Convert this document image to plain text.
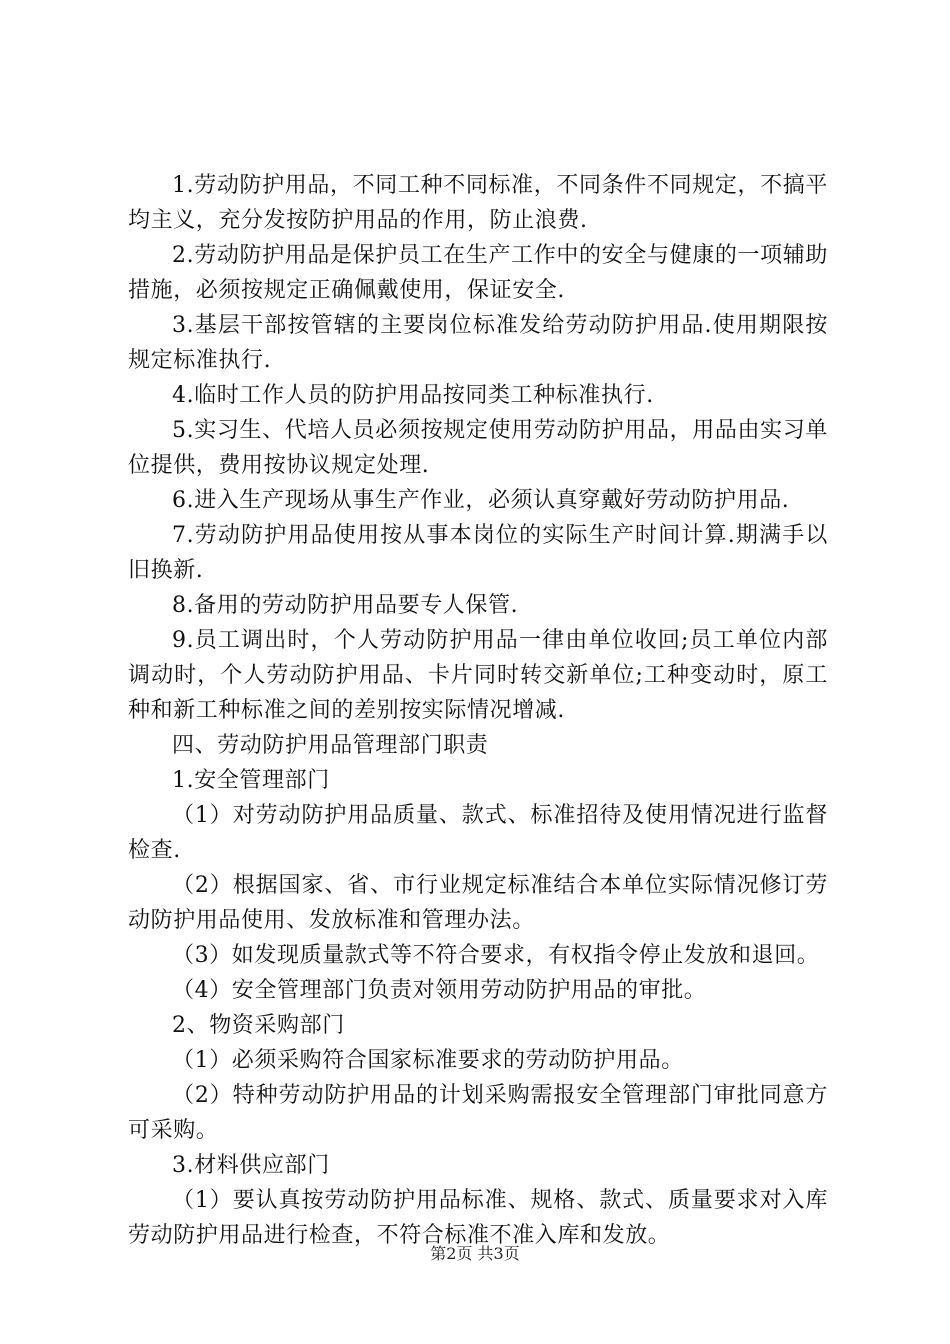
1.劳动防护用品，不同工种不同标准，不同条件不同规定，不搞平均主义，充分发按防护用品的作用，防止浪费.

2.劳动防护用品是保护员工在生产工作中的安全与健康的一项辅助措施，必须按规定正确佩戴使用，保证安全.

3.基层干部按管辖的主要岗位标准发给劳动防护用品.使用期限按规定标准执行.

4.临时工作人员的防护用品按同类工种标准执行.

5.实习生、代培人员必须按规定使用劳动防护用品，用品由实习单位提供，费用按协议规定处理.

6.进入生产现场从事生产作业，必须认真穿戴好劳动防护用品.

7.劳动防护用品使用按从事本岗位的实际生产时间计算.期满手以旧换新.

8.备用的劳动防护用品要专人保管.

9.员工调出时，个人劳动防护用品一律由单位收回;员工单位内部调动时，个人劳动防护用品、卡片同时转交新单位;工种变动时，原工种和新工种标准之间的差别按实际情况增减.

四、劳动防护用品管理部门职责

1.安全管理部门

（1）对劳动防护用品质量、款式、标准招待及使用情况进行监督检查.

（2）根据国家、省、市行业规定标准结合本单位实际情况修订劳动防护用品使用、发放标准和管理办法。

（3）如发现质量款式等不符合要求，有权指令停止发放和退回。

（4）安全管理部门负责对领用劳动防护用品的审批。

2、物资采购部门

（1）必须采购符合国家标准要求的劳动防护用品。

（2）特种劳动防护用品的计划采购需报安全管理部门审批同意方可采购。

3.材料供应部门

（1）要认真按劳动防护用品标准、规格、款式、质量要求对入库劳动防护用品进行检查，不符合标准不准入库和发放。

第2页 共3页
